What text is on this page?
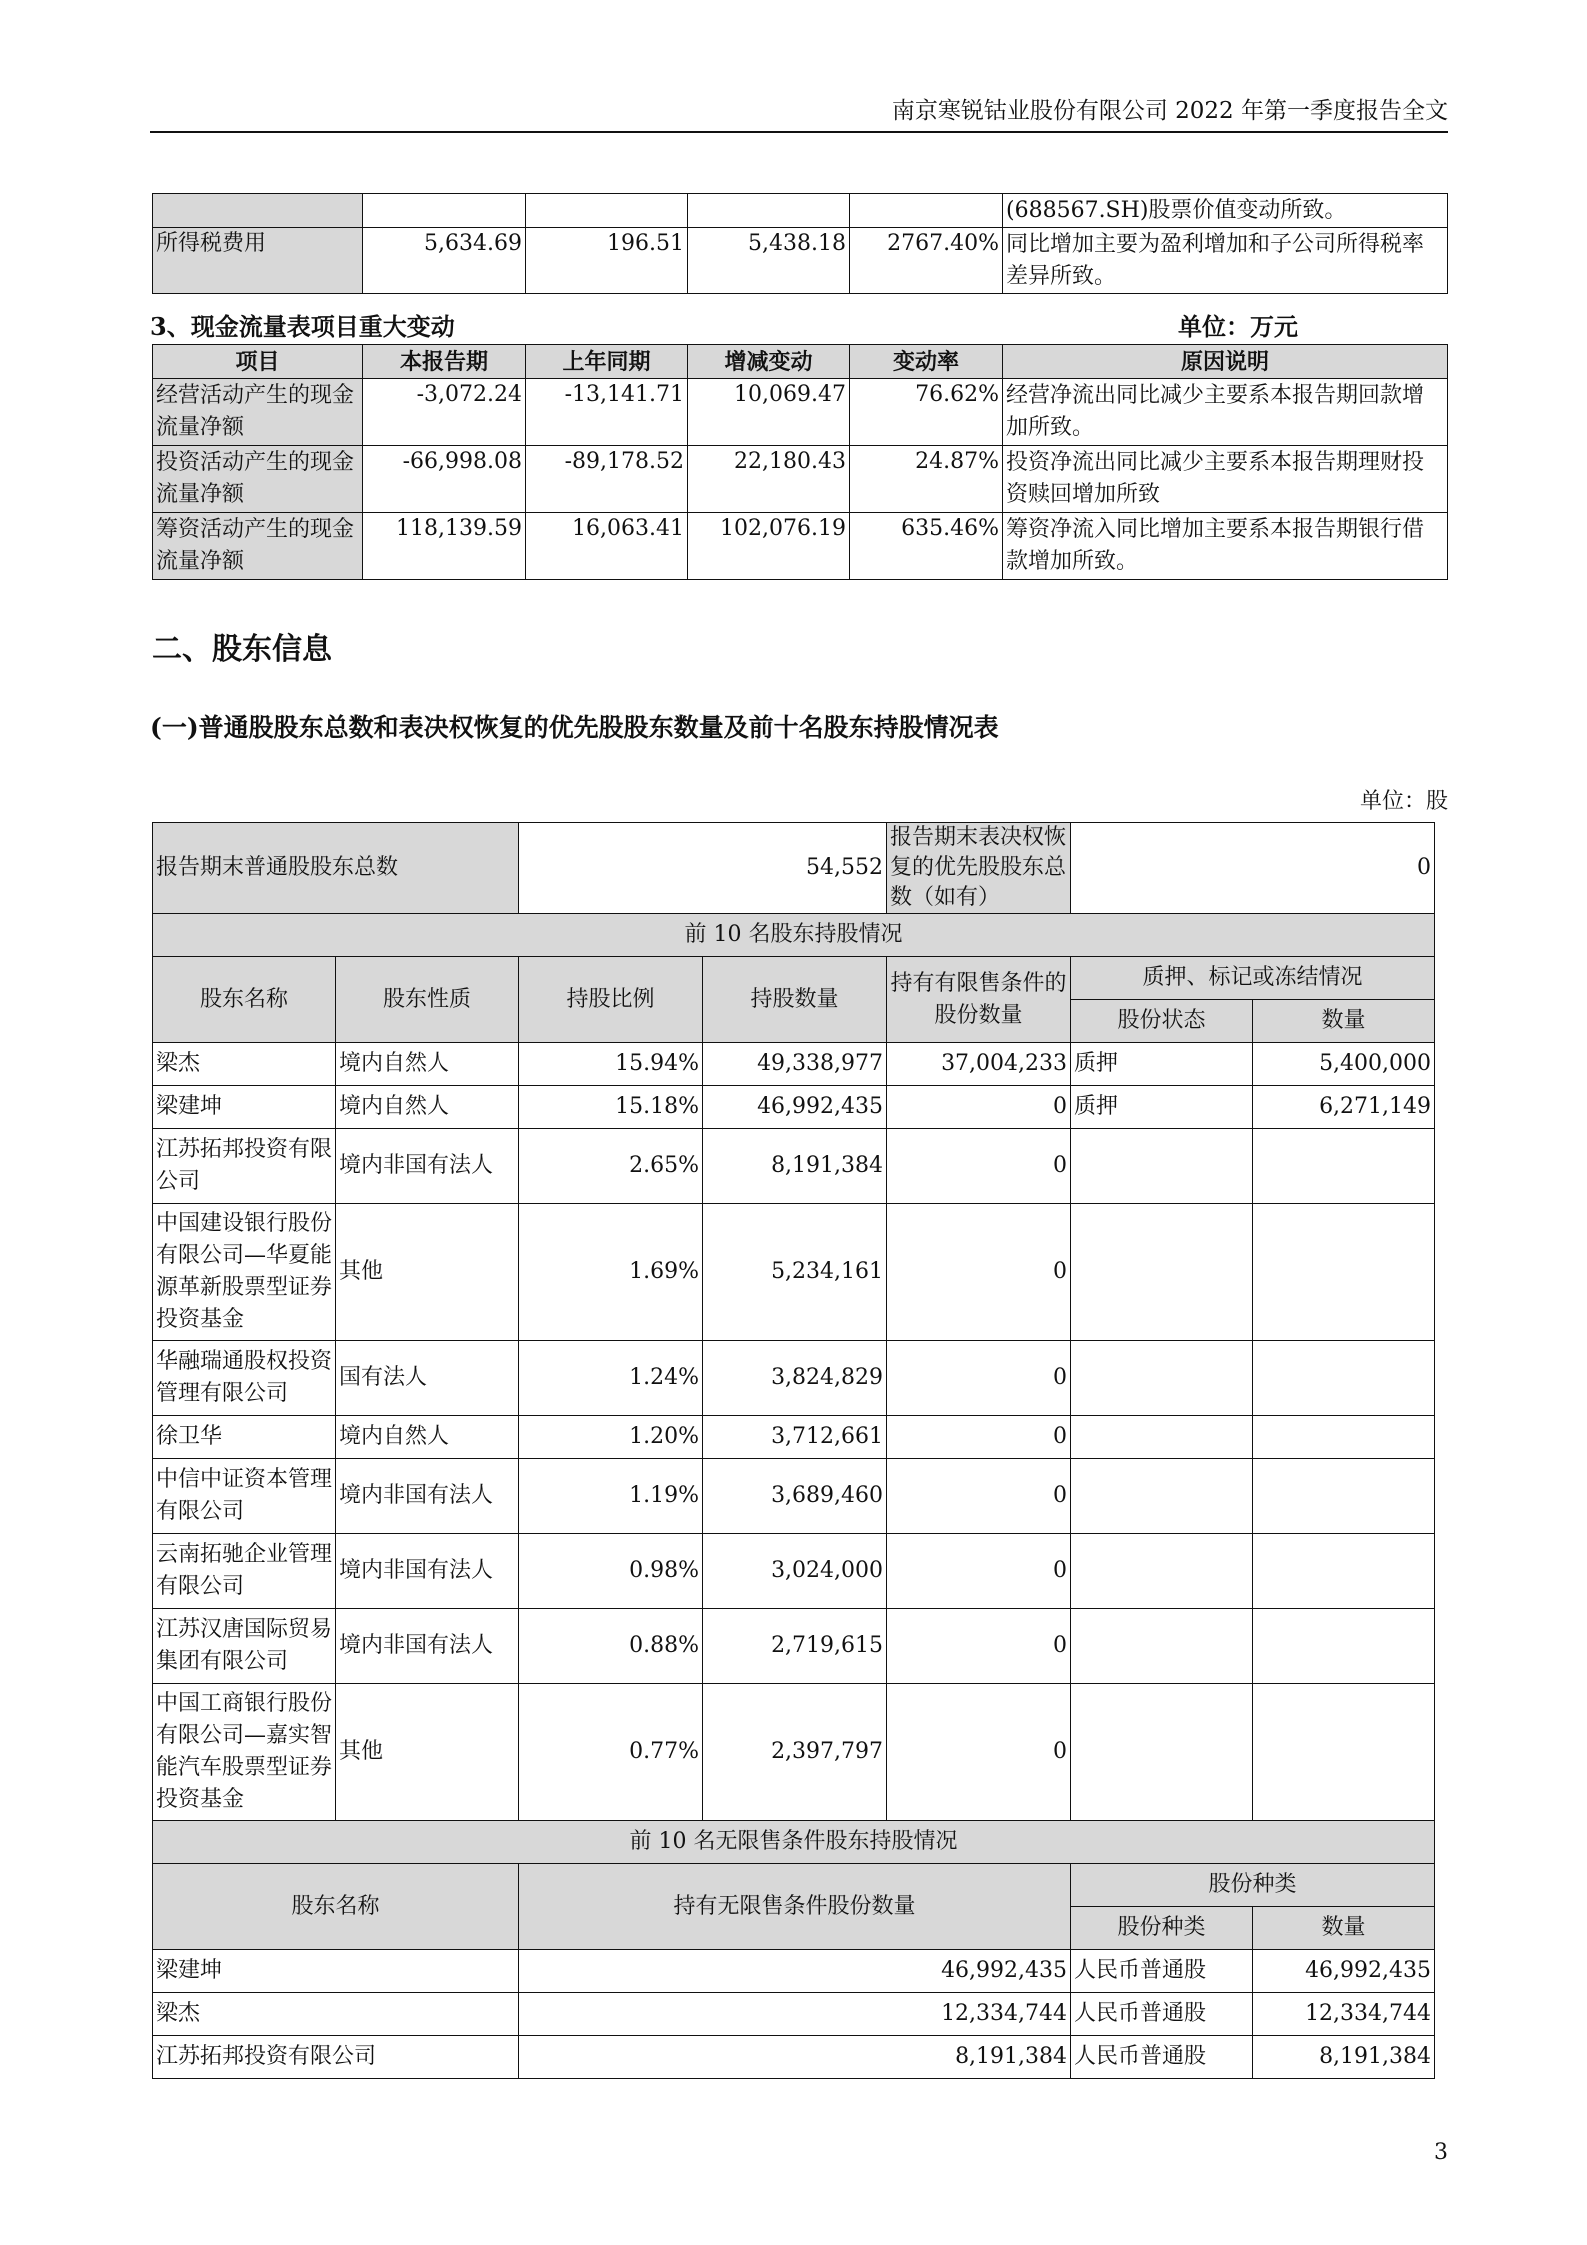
南京寒锐钴业股份有限公司 2022 年第一季度报告全文
					(688567.SH)股票价值变动所致。
所得税费用	5,634.69	196.51	5,438.18	2767.40%	同比增加主要为盈利增加和子公司所得税率差异所致。
3、现金流量表项目重大变动	单位：万元
项目	本报告期	上年同期	增减变动	变动率	原因说明
经营活动产生的现金流量净额	-3,072.24	-13,141.71	10,069.47	76.62%	经营净流出同比减少主要系本报告期回款增加所致。
投资活动产生的现金流量净额	-66,998.08	-89,178.52	22,180.43	24.87%	投资净流出同比减少主要系本报告期理财投资赎回增加所致
筹资活动产生的现金流量净额	118,139.59	16,063.41	102,076.19	635.46%	筹资净流入同比增加主要系本报告期银行借款增加所致。
二、股东信息
(一)普通股股东总数和表决权恢复的优先股股东数量及前十名股东持股情况表
单位：股
报告期末普通股股东总数		54,552		报告期末表决权恢复的优先股股东总数（如有）	0	
前 10 名股东持股情况						
股东名称	股东性质	持股比例	持股数量	持有有限售条件的股份数量	质押、标记或冻结情况	
					股份状态	数量
梁杰	境内自然人	15.94%	49,338,977	37,004,233	质押	5,400,000
梁建坤	境内自然人	15.18%	46,992,435	0	质押	6,271,149
江苏拓邦投资有限公司	境内非国有法人	2.65%	8,191,384	0		
中国建设银行股份有限公司—华夏能源革新股票型证券投资基金	其他	1.69%	5,234,161	0		
华融瑞通股权投资管理有限公司	国有法人	1.24%	3,824,829	0		
徐卫华	境内自然人	1.20%	3,712,661	0		
中信中证资本管理有限公司	境内非国有法人	1.19%	3,689,460	0		
云南拓驰企业管理有限公司	境内非国有法人	0.98%	3,024,000	0		
江苏汉唐国际贸易集团有限公司	境内非国有法人	0.88%	2,719,615	0		
中国工商银行股份有限公司—嘉实智能汽车股票型证券投资基金	其他	0.77%	2,397,797	0		
前 10 名无限售条件股东持股情况						
股东名称		持有无限售条件股份数量			股份种类	
					股份种类	数量
梁建坤		46,992,435			人民币普通股	46,992,435
梁杰		12,334,744			人民币普通股	12,334,744
江苏拓邦投资有限公司		8,191,384			人民币普通股	8,191,384
3
